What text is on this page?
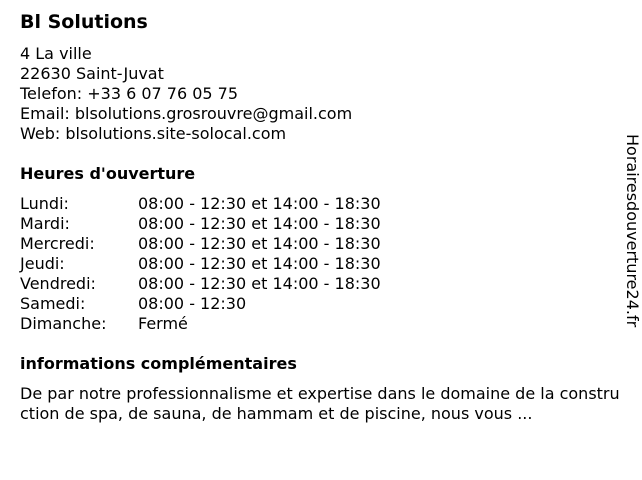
Bl Solutions
4 La ville
22630 Saint-Juvat
Telefon: +33 6 07 76 05 75
Email: blsolutions.grosrouvre@gmail.com
Web: blsolutions.site-solocal.com
Heures d'ouverture
Lundi:	08:00 - 12:30 et 14:00 - 18:30
Mardi:	08:00 - 12:30 et 14:00 - 18:30
Mercredi:	08:00 - 12:30 et 14:00 - 18:30
Jeudi:	08:00 - 12:30 et 14:00 - 18:30
Vendredi:	08:00 - 12:30 et 14:00 - 18:30
Samedi:	08:00 - 12:30
Dimanche: Fermé
informations complémentaires
De par notre professionnalisme et expertise dans le domaine de la construction de spa, de sauna, de hammam et de piscine, nous vous ...
Horairesdouverture24.fr
